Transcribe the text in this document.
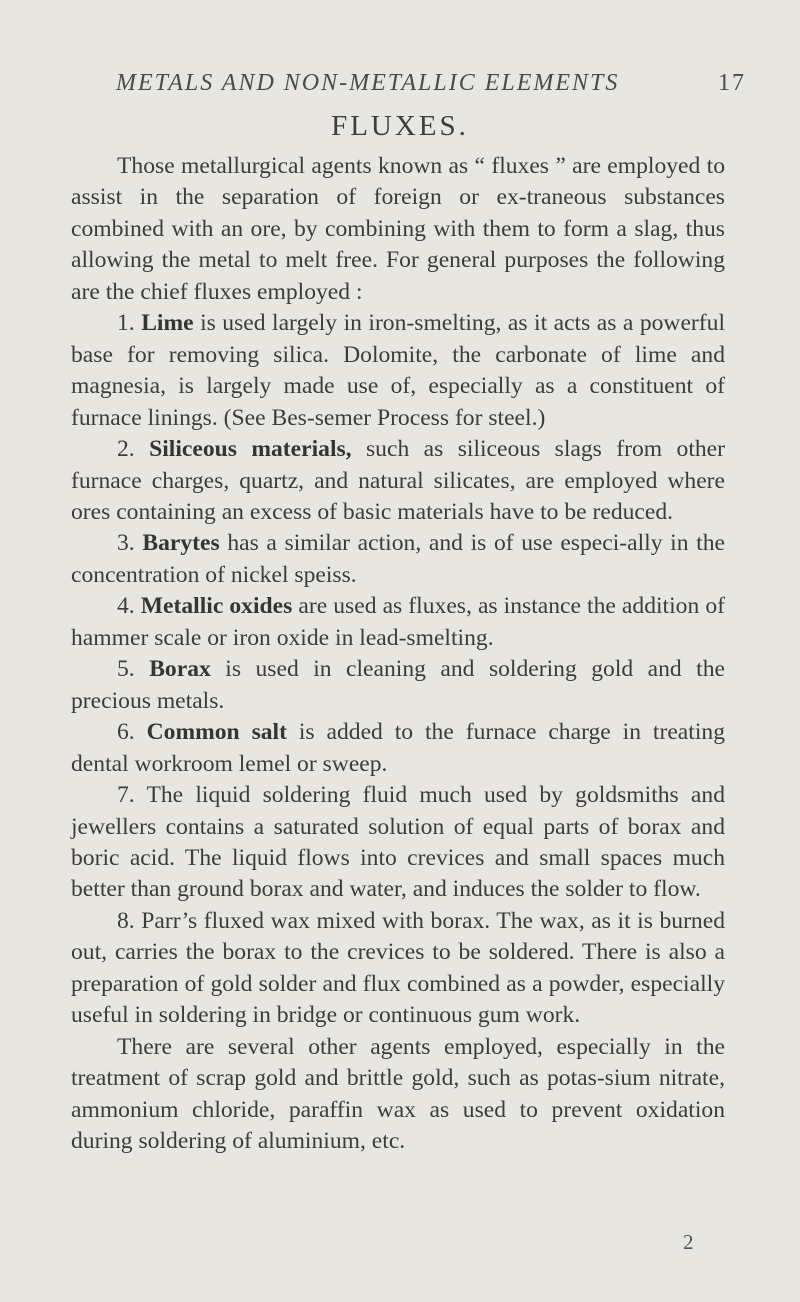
METALS AND NON-METALLIC ELEMENTS	17
FLUXES.

Those metallurgical agents known as “ fluxes ” are employed to assist in the separation of foreign or ex-traneous substances combined with an ore, by combining with them to form a slag, thus allowing the metal to melt free. For general purposes the following are the chief fluxes employed :

1. Lime is used largely in iron-smelting, as it acts as a powerful base for removing silica. Dolomite, the carbonate of lime and magnesia, is largely made use of, especially as a constituent of furnace linings. (See Bes-semer Process for steel.)

2. Siliceous materials, such as siliceous slags from other furnace charges, quartz, and natural silicates, are employed where ores containing an excess of basic materials have to be reduced.

3. Barytes has a similar action, and is of use especi-ally in the concentration of nickel speiss.

4. Metallic oxides are used as fluxes, as instance the addition of hammer scale or iron oxide in lead-smelting.

5. Borax is used in cleaning and soldering gold and the precious metals.

6. Common salt is added to the furnace charge in treating dental workroom lemel or sweep.

7. The liquid soldering fluid much used by goldsmiths and jewellers contains a saturated solution of equal parts of borax and boric acid. The liquid flows into crevices and small spaces much better than ground borax and water, and induces the solder to flow.

8. Parr’s fluxed wax mixed with borax. The wax, as it is burned out, carries the borax to the crevices to be soldered. There is also a preparation of gold solder and flux combined as a powder, especially useful in soldering in bridge or continuous gum work.

There are several other agents employed, especially in the treatment of scrap gold and brittle gold, such as potas-sium nitrate, ammonium chloride, paraffin wax as used to prevent oxidation during soldering of aluminium, etc.

2
